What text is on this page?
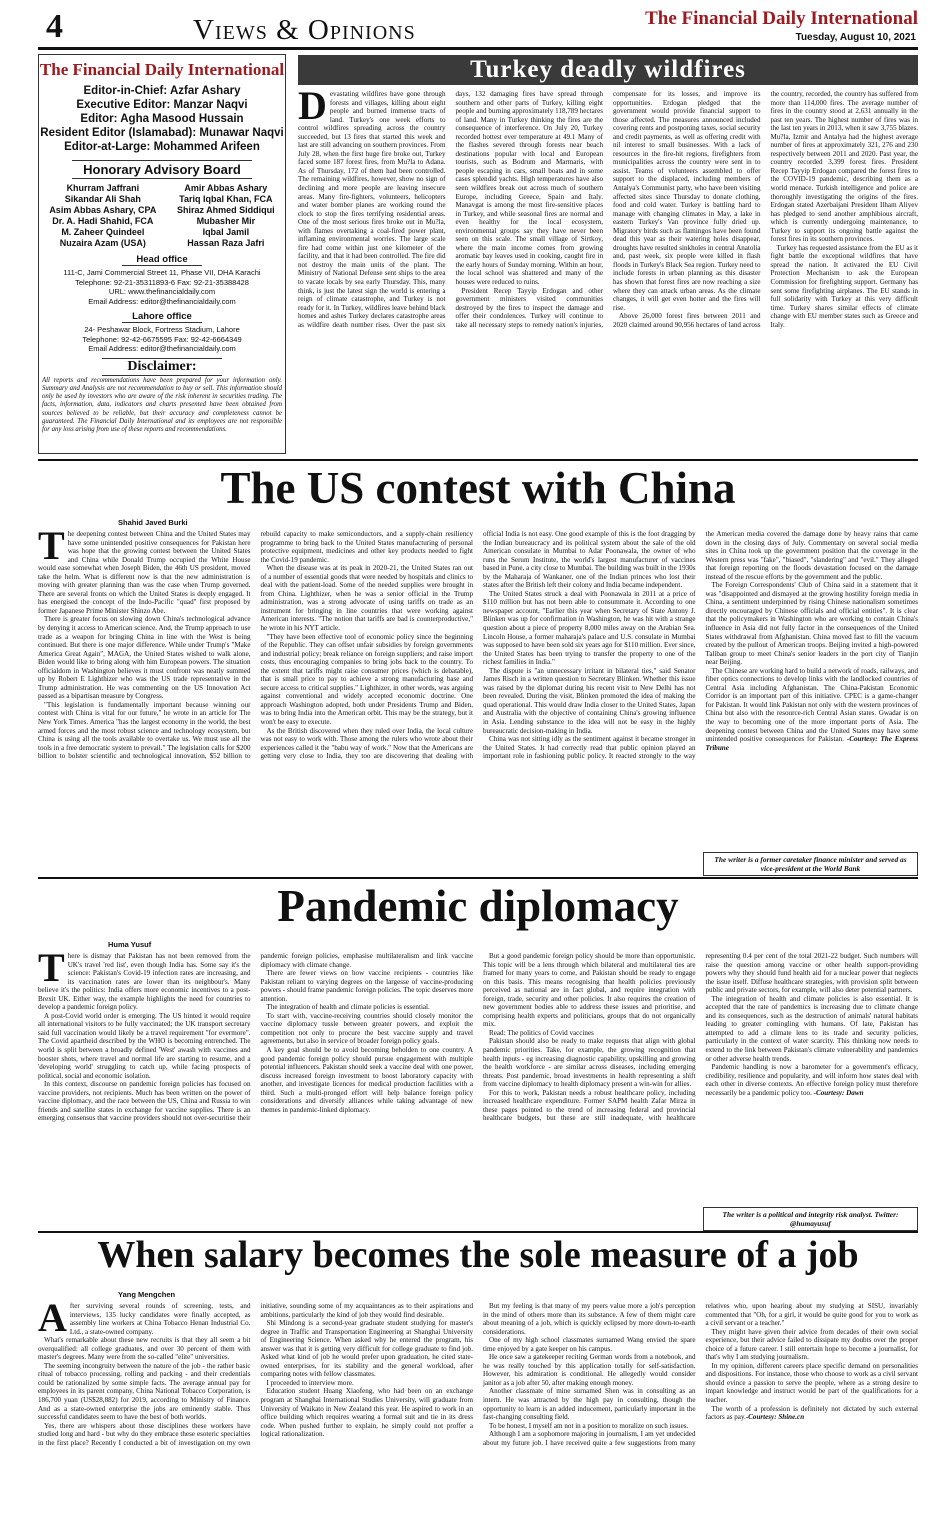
4	Views & Opinions	The Financial Daily International
Tuesday, August 10, 2021
The Financial Daily International
Editor-in-Chief: Azfar Ashary
Executive Editor: Manzar Naqvi
Editor: Agha Masood Hussain
Resident Editor (Islamabad): Munawar Naqvi
Editor-at-Large: Mohammed Arifeen
Honorary Advisory Board
Khurram Jaffrani
Sikandar Ali Shah
Asim Abbas Ashary, CPA
Dr. A. Hadi Shahid, FCA
M. Zaheer Quindeel
Nuzaira Azam (USA)
Amir Abbas Ashary
Tariq Iqbal Khan, FCA
Shiraz Ahmed Siddiqui
Mubasher Mir
Iqbal Jamil
Hassan Raza Jafri
Head office
111-C, Jami Commercial Street 11, Phase VII, DHA Karachi
Telephone: 92-21-35311893-6 Fax: 92-21-35388428
URL: www.thefinancialdaily.com
Email Address: editor@thefinancialdaily.com
Lahore office
24- Peshawar Block, Fortress Stadium, Lahore
Telephone: 92-42-6675595 Fax: 92-42-6664349
Email Address: editor@thefinancialdaily.com
Disclaimer:
All reports and recommendations have been prepared for your information only. Summary and Analysis are not recommendation to buy or sell. This information should only be used by investors who are aware of the risk inherent in securities trading. The facts, information, data, indicators and charts presented have been obtained from sources believed to be reliable, but their accuracy and completeness cannot be guaranteed. The Financial Daily International and its employees are not responsible for any loss arising from use of these reports and recommendations.
Turkey deadly wildfires

Devastating wildfires have gone through forests and villages, killing about eight people and burned immense tracts of land. Turkey's one week efforts to control wildfires spreading across the country succeeded, but 13 fires that started this week and last are still advancing on southern provinces. From July 28, when the first huge fire broke out, Turkey faced some 187 forest fires, from Mu?la to Adana. As of Thursday, 172 of them had been controlled. The remaining wildfires, however, show no sign of declining and more people are leaving insecure areas. Many fire-fighters, volunteers, helicopters and water bomber planes are working round the clock to stop the fires terrifying residential areas. One of the most serious fires broke out in Mu?la, with flames overtaking a coal-fired power plant, inflaming environmental worries. The large scale fire had come within just one kilometer of the facility, and that it had been controlled. The fire did not destroy the main units of the plant. The Ministry of National Defense sent ships to the area to vacate locals by sea early Thursday. This, many think, is just the latest sign the world is entering a reign of climate catastrophe, and Turkey is not ready for it. In Turkey, wildfires leave behind black homes and ashes Turkey declares catastrophe areas as wildfire death number rises. Over the past six days, 132 damaging fires have spread through southern and other parts of Turkey, killing eight people and burning approximately 118,789 hectares of land. Many in Turkey thinking the fires are the consequence of interference. On July 20, Turkey recorded hottest ever temperature at 49.1 Many of the flashes severed through forests near beach destinations popular with local and European tourists, such as Bodrum and Marmaris, with people escaping in cars, small boats and in some cases splendid yachts. High temperatures have also seen wildfires break out across much of southern Europe, including Greece, Spain and Italy. Manavgat is among the most fire-sensitive places in Turkey, and while seasonal fires are normal and even healthy for the local ecosystem, environmental groups say they have never been seen on this scale. The small village of Sirtkoy, where the main income comes from growing aromatic bay leaves used in cooking, caught fire in the early hours of Sunday morning. Within an hour, the local school was shattered and many of the houses were reduced to ruins.

President Recep Tayyip Erdogan and other government ministers visited communities destroyed by the fires to inspect the damage and offer their condolences. Turkey will continue to take all necessary steps to remedy nation's injuries, compensate for its losses, and improve its opportunities. Erdogan pledged that the government would provide financial support to those affected. The measures announced included covering rents and postponing taxes, social security and credit payments, as well as offering credit with nil interest to small businesses. With a lack of resources in the fire-hit regions, firefighters from municipalities across the country were sent in to assist. Teams of volunteers assembled to offer support to the displaced, including members of Antalya's Communist party, who have been visiting affected sites since Thursday to donate clothing, food and cold water. Turkey is battling hard to manage with changing climates in May, a lake in eastern Turkey's Van province fully dried up. Migratory birds such as flamingos have been found dead this year as their watering holes disappear, droughts have resulted sinkholes in central Anatolia and, past week, six people were killed in flash floods in Turkey's Black Sea region. Turkey need to include forests in urban planning as this disaster has shown that forest fires are now reaching a size where they can attack urban areas. As the climate changes, it will get even hotter and the fires will rise.

Above 26,000 forest fires between 2011 and 2020 claimed around 90,956 hectares of land across the country, recorded, the country has suffered from more than 114,000 fires. The average number of fires in the country stood at 2,631 annually in the past ten years. The highest number of fires was in the last ten years in 2013, when it saw 3,755 blazes. Mu?la, Izmir and Antalya had the highest average number of fires at approximately 321, 276 and 230 respectively between 2011 and 2020. Past year, the country recorded 3,399 forest fires. President Recep Tayyip Erdogan compared the forest fires to the COVID-19 pandemic, describing them as a world menace. Turkish intelligence and police are thoroughly investigating the origins of the fires. Erdogan stated Azerbaijani President Ilham Aliyev has pledged to send another amphibious aircraft, which is currently undergoing maintenance, to Turkey to support its ongoing battle against the forest fires in its southern provinces.

Turkey has requested assistance from the EU as it fight battle the exceptional wildfires that have spread the nation. It activated the EU Civil Protection Mechanism to ask the European Commission for firefighting support. Germany has sent some firefighting airplanes. The EU stands in full solidarity with Turkey at this very difficult time. Turkey shares similar effects of climate change with EU member states such as Greece and Italy.

The US contest with China
Shahid Javed Burki

The deepening contest between China and the United States may have some unintended positive consequences for Pakistan here was hope that the growing contest between the United States and China while Donald Trump occupied the White House would ease somewhat when Joseph Biden, the 46th US president, moved take the helm. What is different now is that the new administration is moving with greater planning than was the case when Trump governed. There are several fronts on which the United States is deeply engaged. It has energised the concept of the Indo-Pacific "quad" first proposed by former Japanese Prime Minister Shinzo Abe.

There is greater focus on slowing down China's technological advance by denying it access to American science. And, the Trump approach to use trade as a weapon for bringing China in line with the West is being continued. But there is one major difference. While under Trump's "Make America Great Again", MAGA, the United States wished to walk alone, Biden would like to bring along with him European powers. The situation officialdom in Washington believes it must confront was neatly summed up by Robert E Lighthizer who was the US trade representative in the Trump administration. He was commenting on the US Innovation Act passed as a bipartisan measure by Congress.

"This legislation is fundamentally important because winning our contest with China is vital for our future," he wrote in an article for The New York Times. America "has the largest economy in the world, the best armed forces and the most robust science and technology ecosystem, but China is using all the tools available to overtake us. We must use all the tools in a free democratic system to prevail." The legislation calls for $200 billion to bolster scientific and technological innovation, $52 billion to rebuild capacity to make semiconductors, and a supply-chain resiliency programme to bring back to the United States manufacturing of personal protective equipment, medicines and other key products needed to fight the Covid-19 pandemic.

When the disease was at its peak in 2020-21, the United States ran out of a number of essential goods that were needed by hospitals and clinics to deal with the patient-load. Some of the needed supplies were brought in from China. Lighthizer, when he was a senior official in the Trump administration, was a strong advocate of using tariffs on trade as an instrument for bringing in line countries that were working against American interests. "The notion that tariffs are bad is counterproductive," he wrote in his NYT article.

"They have been effective tool of economic policy since the beginning of the Republic. They can offset unfair subsidies by foreign governments and industrial policy; break reliance on foreign suppliers; and raise import costs, thus encouraging companies to bring jobs back to the country. To the extent that tariffs might raise consumer prices (which is debatable), that is small price to pay to achieve a strong manufacturing base and secure access to critical supplies." Lighthizer, in other words, was arguing against conventional and widely accepted economic doctrine. One approach Washington adopted, both under Presidents Trump and Biden, was to bring India into the American orbit. This may be the strategy, but it won't be easy to execute.

As the British discovered when they ruled over India, the local culture was not easy to work with. Those among the rulers who wrote about their experiences called it the "babu way of work." Now that the Americans are getting very close to India, they too are discovering that dealing with official India is not easy. One good example of this is the foot dragging by the Indian bureaucracy and its political system about the sale of the old American consulate in Mumbai to Adar Poonawala, the owner of who runs the Serum Institute, the world's largest manufacturer of vaccines based in Pune, a city close to Mumbai. The building was built in the 1930s by the Maharaja of Wankaner, one of the Indian princes who lost their states after the British left their colony and India became independent.

The United States struck a deal with Poonawala in 2011 at a price of $110 million but has not been able to consummate it. According to one newspaper account, "Earlier this year when Secretary of State Antony J. Blinken was up for confirmation in Washington, he was hit with a strange question about a piece of property 8,000 miles away on the Arabian Sea. Lincoln House, a former maharaja's palace and U.S. consulate in Mumbai was supposed to have been sold six years ago for $110 million. Ever since, the United States has been trying to transfer the property to one of the richest families in India."

The dispute is "an unnecessary irritant in bilateral ties," said Senator James Risch in a written question to Secretary Blinken. Whether this issue was raised by the diplomat during his recent visit to New Delhi has not been revealed. During the visit, Blinken promoted the idea of making the quad operational. This would draw India closer to the United States, Japan and Australia with the objective of containing China's growing influence in Asia. Lending substance to the idea will not be easy in the highly bureaucratic decision-making in India.

China was not sitting idly as the sentiment against it became stronger in the United States. It had correctly read that public opinion played an important role in fashioning public policy. It reacted strongly to the way the American media covered the damage done by heavy rains that came down in the closing days of July. Commentary on several social media sites in China took up the government position that the coverage in the Western press was "fake", "biased", "slandering" and "evil." They alleged that foreign reporting on the floods devastation focused on the damage instead of the rescue efforts by the government and the public.

The Foreign Correspondents' Club of China said in a statement that it was "disappointed and dismayed at the growing hostility foreign media in China, a sentiment underpinned by rising Chinese nationalism sometimes directly encouraged by Chinese officials and official entities". It is clear that the policymakers in Washington who are working to contain China's influence in Asia did not fully factor in the consequences of the United States withdrawal from Afghanistan. China moved fast to fill the vacuum created by the pullout of American troops. Beijing invited a high-powered Taliban group to meet China's senior leaders in the port city of Tianjin near Beijing.

The Chinese are working hard to build a network of roads, railways, and fiber optics connections to develop links with the landlocked countries of Central Asia including Afghanistan. The China-Pakistan Economic Corridor is an important part of this initiative. CPEC is a game-changer for Pakistan. It would link Pakistan not only with the western provinces of China but also with the resource-rich Central Asian states. Gwadar is on the way to becoming one of the more important ports of Asia. The deepening contest between China and the United States may have some unintended positive consequences for Pakistan. -Courtesy: The Express Tribune

The writer is a former caretaker finance minister and served as vice-president at the World Bank
Pandemic diplomacy
Huma Yusuf

There is dismay that Pakistan has not been removed from the UK's travel 'red list', even though India has. Some say it's the science: Pakistan's Covid-19 infection rates are increasing, and its vaccination rates are lower than its neighbour's. Many believe it's the politics: India offers more economic incentives to a post-Brexit UK. Either way, the example highlights the need for countries to develop a pandemic foreign policy.

A post-Covid world order is emerging. The US hinted it would require all international visitors to be fully vaccinated; the UK transport secretary said full vaccination would likely be a travel requirement "for evermore". The Covid apartheid described by the WHO is becoming entrenched. The world is split between a broadly defined 'West' awash with vaccines and booster shots, where travel and normal life are starting to resume, and a 'developing world' struggling to catch up, while facing prospects of political, social and economic isolation.

In this context, discourse on pandemic foreign policies has focused on vaccine providers, not recipients. Much has been written on the power of vaccine diplomacy, and the race between the US, China and Russia to win friends and satellite states in exchange for vaccine supplies. There is an emerging consensus that vaccine providers should not over-securitise their pandemic foreign policies, emphasise multilateralism and link vaccine diplomacy with climate change.

There are fewer views on how vaccine recipients - countries like Pakistan reliant to varying degrees on the largesse of vaccine-producing powers - should frame pandemic foreign policies. The topic deserves more attention.

The integration of health and climate policies is essential.

To start with, vaccine-receiving countries should closely monitor the vaccine diplomacy tussle between greater powers, and exploit the competition not only to procure the best vaccine supply and travel agreements, but also in service of broader foreign policy goals.

A key goal should be to avoid becoming beholden to one country. A good pandemic foreign policy should pursue engagement with multiple potential influencers. Pakistan should seek a vaccine deal with one power, discuss increased foreign investment to boost laboratory capacity with another, and investigate licences for medical production facilities with a third. Such a multi-pronged effort will help balance foreign policy considerations and diversify alliances while taking advantage of new themes in pandemic-linked diplomacy.

But a good pandemic foreign policy should be more than opportunistic. This topic will be a lens through which bilateral and multilateral ties are framed for many years to come, and Pakistan should be ready to engage on this basis. This means recognising that health policies previously perceived as national are in fact global, and require integration with foreign, trade, security and other policies. It also requires the creation of new government bodies able to address these issues and prioritise, and comprising health experts and politicians, groups that do not organically mix.

Read: The politics of Covid vaccines

Pakistan should also be ready to make requests that align with global pandemic priorities. Take, for example, the growing recognition that health inputs - eg increasing diagnostic capability, upskilling and growing the health workforce - are similar across diseases, including emerging threats. Post pandemic, broad investments in health representing a shift from vaccine diplomacy to health diplomacy present a win-win for allies.

For this to work, Pakistan needs a robust healthcare policy, including increased healthcare expenditure. Former SAPM health Zafar Mirza in these pages pointed to the trend of increasing federal and provincial healthcare budgets, but these are still inadequate, with healthcare representing 0.4 per cent of the total 2021-22 budget. Such numbers will raise the question among vaccine or other health support-providing powers why they should fund health aid for a nuclear power that neglects the issue itself. Diffuse healthcare strategies, with provision split between public and private sectors, for example, will also deter potential partners.

The integration of health and climate policies is also essential. It is accepted that the rate of pandemics is increasing due to climate change and its consequences, such as the destruction of animals' natural habitats leading to greater comingling with humans. Of late, Pakistan has attempted to add a climate lens to its trade and security policies, particularly in the context of water scarcity. This thinking now needs to extend to the link between Pakistan's climate vulnerability and pandemics or other adverse health trends.

Pandemic handling is now a barometer for a government's efficacy, credibility, resilience and popularity, and will inform how states deal with each other in diverse contexts. An effective foreign policy must therefore necessarily be a pandemic policy too. -Courtesy: Dawn

The writer is a political and integrity risk analyst. Twitter: @humayusuf
When salary becomes the sole measure of a job
Yang Mengchen

After surviving several rounds of screening, tests, and interviews, 135 lucky candidates were finally accepted, as assembly line workers at China Tobacco Henan Industrial Co. Ltd., a state-owned company.

What's remarkable about these new recruits is that they all seem a bit overqualified: all college graduates, and over 30 percent of them with master's degrees. Many were from the so-called "elite" universities.

The seeming incongruity between the nature of the job - the rather basic ritual of tobacco processing, rolling and packing - and their credentials could be rationalized by some simple facts. The average annual pay for employees in its parent company, China National Tobacco Corporation, is 186,700 yuan (US$28,882) for 2019, according to Ministry of Finance. And as a state-owned enterprise the jobs are eminently stable. Thus successful candidates seem to have the best of both worlds.

Yes, there are whispers about those disciplines these workers have studied long and hard - but why do they embrace these esoteric specialties in the first place? Recently I conducted a bit of investigation on my own initiative, sounding some of my acquaintances as to their aspirations and ambitions, particularly the kind of job they would find desirable.

Shi Mindong is a second-year graduate student studying for master's degree in Traffic and Transportation Engineering at Shanghai University of Engineering Science. When asked why he entered the program, his answer was that it is getting very difficult for college graduate to find job. Asked what kind of job he would prefer upon graduation, he cited state-owned enterprises, for its stability and the general workload, after comparing notes with fellow classmates.

I proceeded to interview more.

Education student Huang Xiaofeng, who had been on an exchange program at Shanghai International Studies University, will graduate from University of Waikato in New Zealand this year. He aspired to work in an office building which requires wearing a formal suit and tie in its dress code. When pushed further to explain, he simply could not proffer a logical rationalization.

But my feeling is that many of my peers value more a job's perception in the mind of others more than its substance. A few of them might care about meaning of a job, which is quickly eclipsed by more down-to-earth considerations.

One of my high school classmates surnamed Wang envied the spare time enjoyed by a gate keeper on his campus.

He once saw a gatekeeper reciting German words from a notebook, and he was really touched by this application totally for self-satisfaction. However, his admiration is conditional. He allegedly would consider janitor as a job after 50, after making enough money.

Another classmate of mine surnamed Shen was in consulting as an intern. He was attracted by the high pay in consulting, though the opportunity to learn is an added inducement, particularly important in the fast-changing consulting field.

To be honest, I myself am not in a position to moralize on such issues.

Although I am a sophomore majoring in journalism, I am yet undecided about my future job. I have received quite a few suggestions from many relatives who, upon hearing about my studying at SISU, invariably commented that "Oh, for a girl, it would be quite good for you to work as a civil servant or a teacher."

They might have given their advice from decades of their own social experience, but their advice failed to dissipate my doubts over the proper choice of a future career. I still entertain hope to become a journalist, for that's why I am studying journalism.

In my opinion, different careers place specific demand on personalities and dispositions. For instance, those who choose to work as a civil servant should evince a passion to serve the people, where as a strong desire to impart knowledge and instruct would be part of the qualifications for a teacher.

The worth of a profession is definitely not dictated by such external factors as pay.-Courtesy: Shine.cn
